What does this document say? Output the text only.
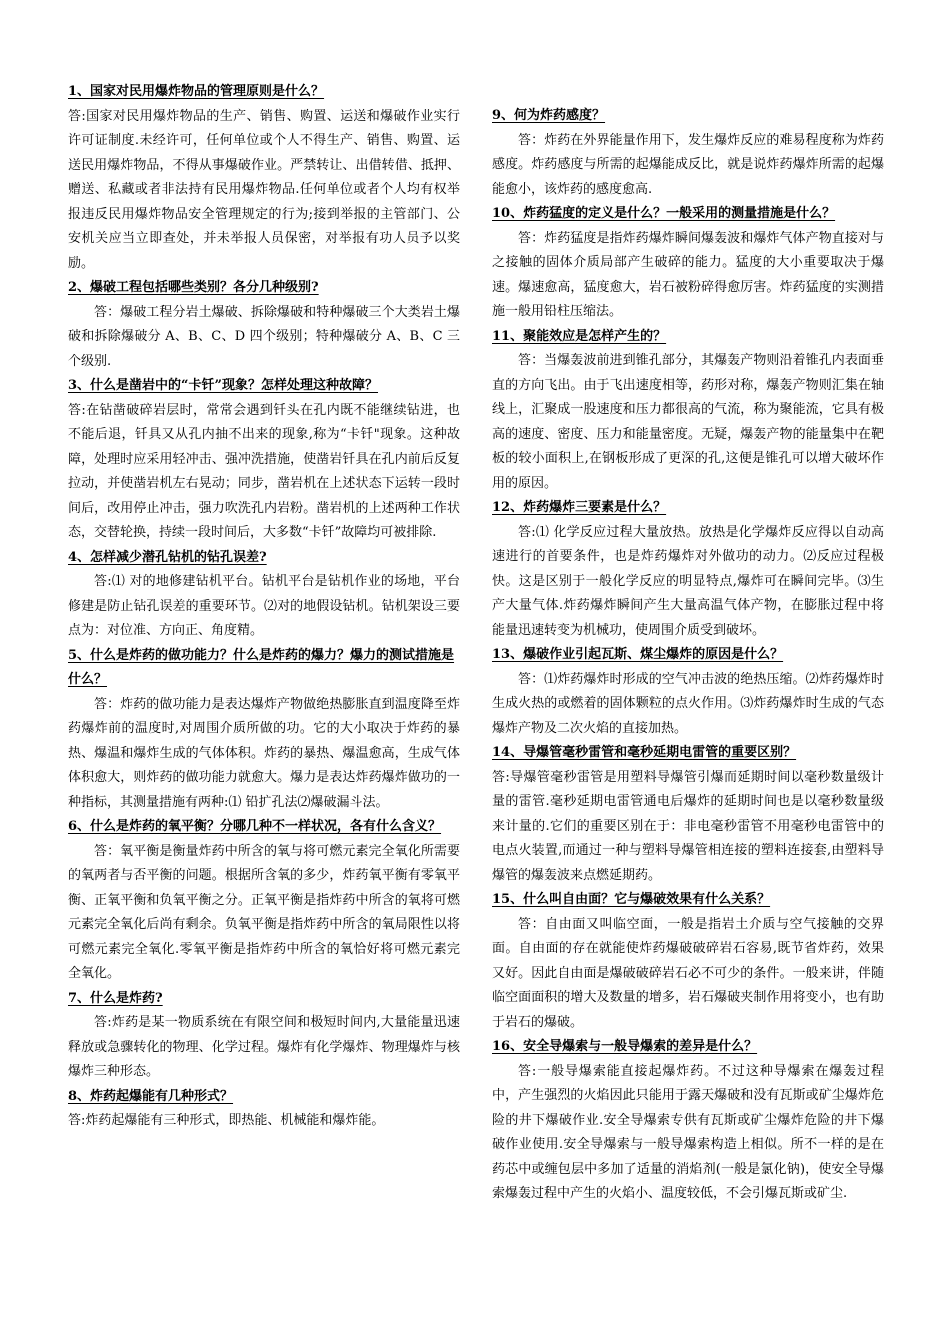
1、国家对民用爆炸物品的管理原则是什么？

答:国家对民用爆炸物品的生产、销售、购置、运送和爆破作业实行许可证制度.未经许可，任何单位或个人不得生产、销售、购置、运送民用爆炸物品，不得从事爆破作业。严禁转让、出借转借、抵押、赠送、私藏或者非法持有民用爆炸物品.任何单位或者个人均有权举报违反民用爆炸物品安全管理规定的行为;接到举报的主管部门、公安机关应当立即查处，并未举报人员保密，对举报有功人员予以奖励。

2、爆破工程包括哪些类别？各分几种级别?

答：爆破工程分岩土爆破、拆除爆破和特种爆破三个大类岩土爆破和拆除爆破分 A、B、C、D 四个级别；特种爆破分 A、B、C 三个级别.

3、什么是凿岩中的“卡钎”现象？怎样处理这种故障？

答:在钻凿破碎岩层时，常常会遇到钎头在孔内既不能继续钻进，也不能后退，钎具又从孔内抽不出来的现象,称为“卡钎"现象。这种故障，处理时应采用轻冲击、强冲洗措施，使凿岩钎具在孔内前后反复拉动，并使凿岩机左右晃动；同步，凿岩机在上述状态下运转一段时间后，改用停止冲击，强力吹洗孔内岩粉。凿岩机的上述两种工作状态，交替轮换，持续一段时间后，大多数“卡钎”故障均可被排除.

4、怎样减少潜孔钻机的钻孔误差?

答:⑴ 对的地修建钻机平台。钻机平台是钻机作业的场地，平台修建是防止钻孔误差的重要环节。⑵对的地假设钻机。钻机架设三要点为：对位准、方向正、角度精。

5、什么是炸药的做功能力？什么是炸药的爆力？爆力的测试措施是什么？

答：炸药的做功能力是表达爆炸产物做绝热膨胀直到温度降至炸药爆炸前的温度时,对周围介质所做的功。它的大小取决于炸药的暴热、爆温和爆炸生成的气体体积。炸药的暴热、爆温愈高，生成气体体积愈大，则炸药的做功能力就愈大。爆力是表达炸药爆炸做功的一种指标，其测量措施有两种:⑴ 铅扩孔法⑵爆破漏斗法。

6、什么是炸药的氧平衡？分哪几种不一样状况，各有什么含义？

答：氧平衡是衡量炸药中所含的氧与将可燃元素完全氧化所需要的氧两者与否平衡的问题。根据所含氧的多少，炸药氧平衡有零氧平衡、正氧平衡和负氧平衡之分。正氧平衡是指炸药中所含的氧将可燃元素完全氧化后尚有剩余。负氧平衡是指炸药中所含的氧局限性以将可燃元素完全氧化.零氧平衡是指炸药中所含的氧恰好将可燃元素完全氧化。

7、什么是炸药?

答:炸药是某一物质系统在有限空间和极短时间内,大量能量迅速释放或急骤转化的物理、化学过程。爆炸有化学爆炸、物理爆炸与核爆炸三种形态。

8、炸药起爆能有几种形式？

答:炸药起爆能有三种形式，即热能、机械能和爆炸能。

9、何为炸药感度？

答：炸药在外界能量作用下，发生爆炸反应的难易程度称为炸药感度。炸药感度与所需的起爆能成反比，就是说炸药爆炸所需的起爆能愈小，该炸药的感度愈高.

10、炸药猛度的定义是什么？一般采用的测量措施是什么？

答：炸药猛度是指炸药爆炸瞬间爆轰波和爆炸气体产物直接对与之接触的固体介质局部产生破碎的能力。猛度的大小重要取决于爆速。爆速愈高，猛度愈大，岩石被粉碎得愈厉害。炸药猛度的实测措施一般用铅柱压缩法。

11、聚能效应是怎样产生的？

答：当爆轰波前进到锥孔部分，其爆轰产物则沿着锥孔内表面垂直的方向飞出。由于飞出速度相等，药形对称，爆轰产物则汇集在轴线上，汇聚成一股速度和压力都很高的气流，称为聚能流，它具有极高的速度、密度、压力和能量密度。无疑，爆轰产物的能量集中在靶板的较小面积上,在钢板形成了更深的孔,这便是锥孔可以增大破坏作用的原因。

12、炸药爆炸三要素是什么？

答:⑴ 化学反应过程大量放热。放热是化学爆炸反应得以自动高速进行的首要条件，也是炸药爆炸对外做功的动力。⑵反应过程极快。这是区别于一般化学反应的明显特点,爆炸可在瞬间完毕。⑶生产大量气体.炸药爆炸瞬间产生大量高温气体产物，在膨胀过程中将能量迅速转变为机械功，使周围介质受到破坏。

13、爆破作业引起瓦斯、煤尘爆炸的原因是什么？

答：⑴炸药爆炸时形成的空气冲击波的绝热压缩。⑵炸药爆炸时生成火热的或燃着的固体颗粒的点火作用。⑶炸药爆炸时生成的气态爆炸产物及二次火焰的直接加热。

14、导爆管毫秒雷管和毫秒延期电雷管的重要区别？

答:导爆管毫秒雷管是用塑料导爆管引爆而延期时间以毫秒数量级计量的雷管.毫秒延期电雷管通电后爆炸的延期时间也是以毫秒数量级来计量的.它们的重要区别在于：非电毫秒雷管不用毫秒电雷管中的电点火装置,而通过一种与塑料导爆管相连接的塑料连接套,由塑料导爆管的爆轰波来点燃延期药。

15、什么叫自由面？它与爆破效果有什么关系？

答：自由面又叫临空面，一般是指岩土介质与空气接触的交界面。自由面的存在就能使炸药爆破破碎岩石容易,既节省炸药，效果又好。因此自由面是爆破破碎岩石必不可少的条件。一般来讲，伴随临空面面积的增大及数量的增多，岩石爆破夹制作用将变小，也有助于岩石的爆破。

16、安全导爆索与一般导爆索的差异是什么？

答:一般导爆索能直接起爆炸药。不过这种导爆索在爆轰过程中，产生强烈的火焰因此只能用于露天爆破和没有瓦斯或矿尘爆炸危险的井下爆破作业.安全导爆索专供有瓦斯或矿尘爆炸危险的井下爆破作业使用.安全导爆索与一般导爆索构造上相似。所不一样的是在药芯中或缠包层中多加了适量的消焰剂(一般是氯化钠)，使安全导爆索爆轰过程中产生的火焰小、温度较低，不会引爆瓦斯或矿尘.
